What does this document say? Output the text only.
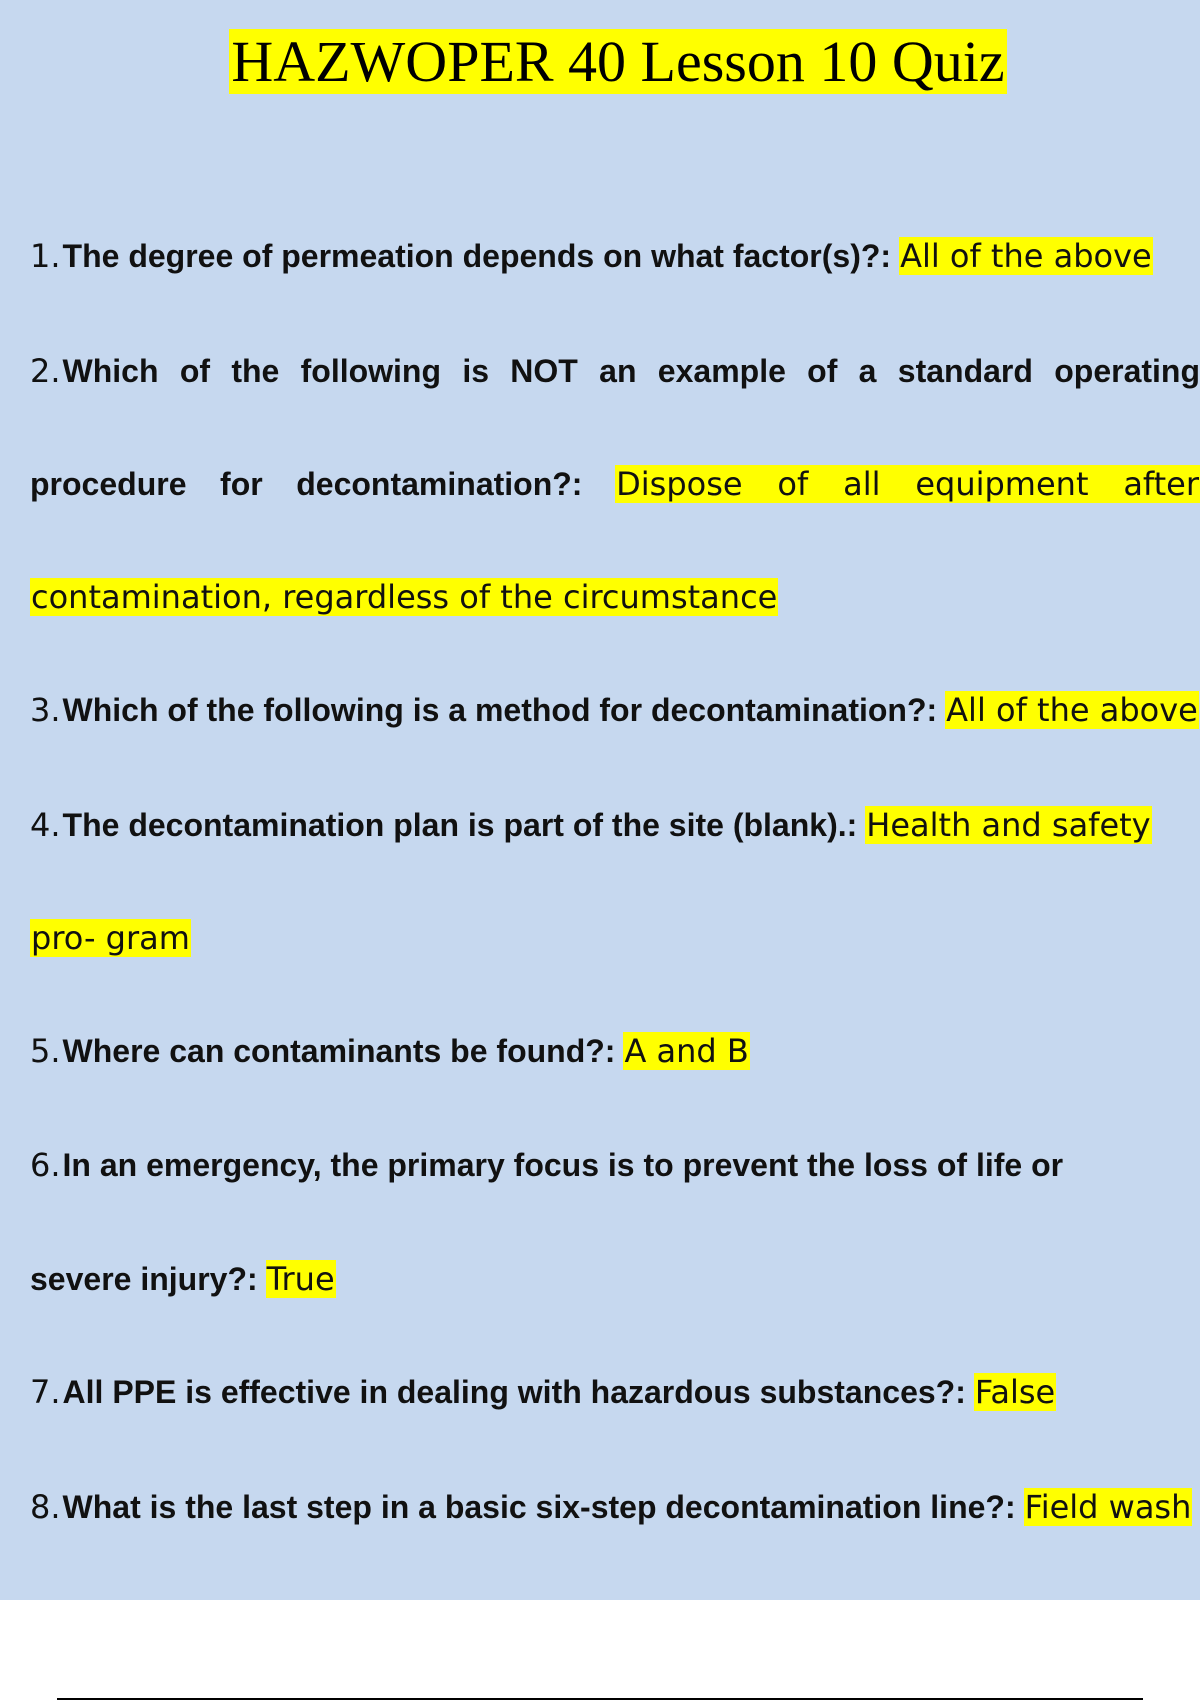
HAZWOPER 40 Lesson 10 Quiz
1.The degree of permeation depends on what factor(s)?: All of the above
2.Which of the following is NOT an example of a standard operating
procedure for decontamination?: Dispose of all equipment after
contamination, regardless of the circumstance
3.Which of the following is a method for decontamination?: All of the above
4.The decontamination plan is part of the site (blank).: Health and safety
pro- gram
5.Where can contaminants be found?: A and B
6.In an emergency, the primary focus is to prevent the loss of life or
severe injury?: True
7.All PPE is effective in dealing with hazardous substances?: False
8.What is the last step in a basic six-step decontamination line?: Field wash
